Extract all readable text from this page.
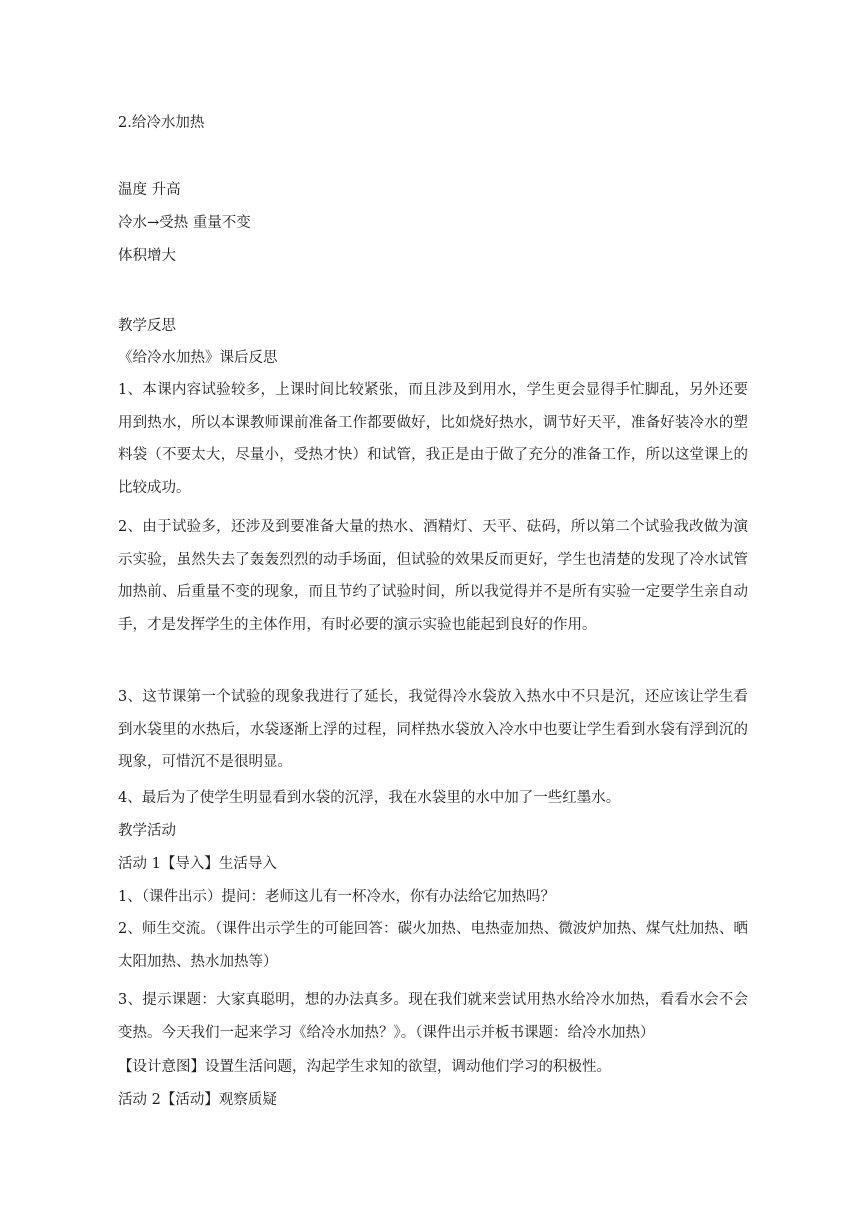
2.给冷水加热
温度 升高
冷水→受热 重量不变
体积增大
教学反思
《给冷水加热》课后反思
1、本课内容试验较多，上课时间比较紧张，而且涉及到用水，学生更会显得手忙脚乱，另外还要用到热水，所以本课教师课前准备工作都要做好，比如烧好热水，调节好天平，准备好装冷水的塑料袋（不要太大，尽量小，受热才快）和试管，我正是由于做了充分的准备工作，所以这堂课上的比较成功。
2、由于试验多，还涉及到要准备大量的热水、酒精灯、天平、砝码，所以第二个试验我改做为演示实验，虽然失去了轰轰烈烈的动手场面，但试验的效果反而更好，学生也清楚的发现了冷水试管加热前、后重量不变的现象，而且节约了试验时间，所以我觉得并不是所有实验一定要学生亲自动手，才是发挥学生的主体作用，有时必要的演示实验也能起到良好的作用。
3、这节课第一个试验的现象我进行了延长，我觉得冷水袋放入热水中不只是沉，还应该让学生看到水袋里的水热后，水袋逐渐上浮的过程，同样热水袋放入冷水中也要让学生看到水袋有浮到沉的现象，可惜沉不是很明显。
4、最后为了使学生明显看到水袋的沉浮，我在水袋里的水中加了一些红墨水。
教学活动
活动 1【导入】生活导入
1、（课件出示）提问：老师这儿有一杯冷水，你有办法给它加热吗？
2、师生交流。（课件出示学生的可能回答：碳火加热、电热壶加热、微波炉加热、煤气灶加热、晒太阳加热、热水加热等）
3、提示课题：大家真聪明，想的办法真多。现在我们就来尝试用热水给冷水加热，看看水会不会变热。今天我们一起来学习《给冷水加热？》。（课件出示并板书课题：给冷水加热）
【设计意图】设置生活问题，沟起学生求知的欲望，调动他们学习的积极性。
活动 2【活动】观察质疑
